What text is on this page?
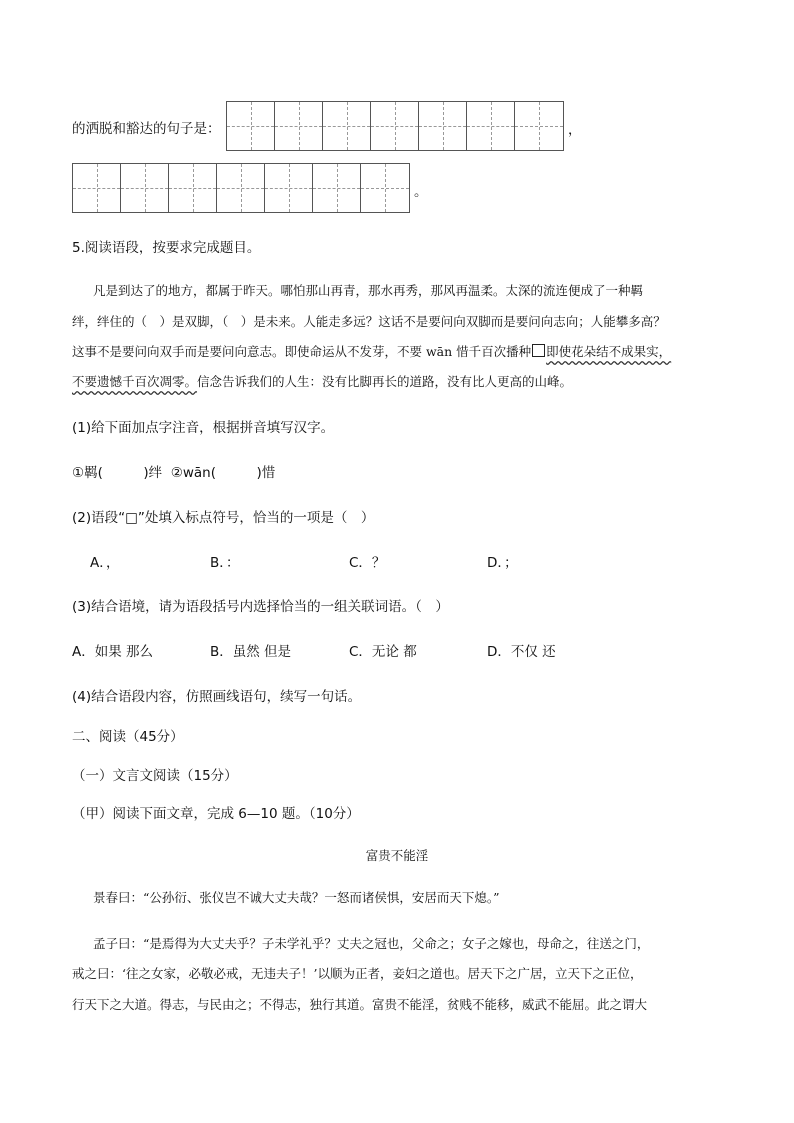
的洒脱和豁达的句子是：	，
。
5.阅读语段，按要求完成题目。
凡是到达了的地方，都属于昨天。哪怕那山再青，那水再秀，那风再温柔。太深的流连便成了一种羁
绊，绊住的（　）是双脚，（　）是未来。人能走多远？这话不是要问向双脚而是要问向志向；人能攀多高？
这事不是要问向双手而是要问向意志。即使命运从不发芽，不要 wān 惜千百次播种 即使花朵结不成果实，
不要遗憾千百次凋零。信念告诉我们的人生：没有比脚再长的道路，没有比人更高的山峰。
(1)给下面加点字注音，根据拼音填写汉字。
①羁(　　　)绊 ②wān(　　　)惜
(2)语段“□”处填入标点符号，恰当的一项是（　）
A．，	B．：	C．？	D．；
(3)结合语境，请为语段括号内选择恰当的一组关联词语。（　）
A．如果 那么	B．虽然 但是	C．无论 都	D．不仅 还
(4)结合语段内容，仿照画线语句，续写一句话。
二、阅读（45分）
（一）文言文阅读（15分）
（甲）阅读下面文章，完成 6—10 题。（10分）
富贵不能淫
景春曰：“公孙衍、张仪岂不诚大丈夫哉？一怒而诸侯惧，安居而天下熄。”
孟子曰：“是焉得为大丈夫乎？子未学礼乎？丈夫之冠也，父命之；女子之嫁也，母命之，往送之门，
戒之曰：‘往之女家，必敬必戒，无违夫子！’以顺为正者，妾妇之道也。居天下之广居，立天下之正位，
行天下之大道。得志，与民由之；不得志，独行其道。富贵不能淫，贫贱不能移，威武不能屈。此之谓大
